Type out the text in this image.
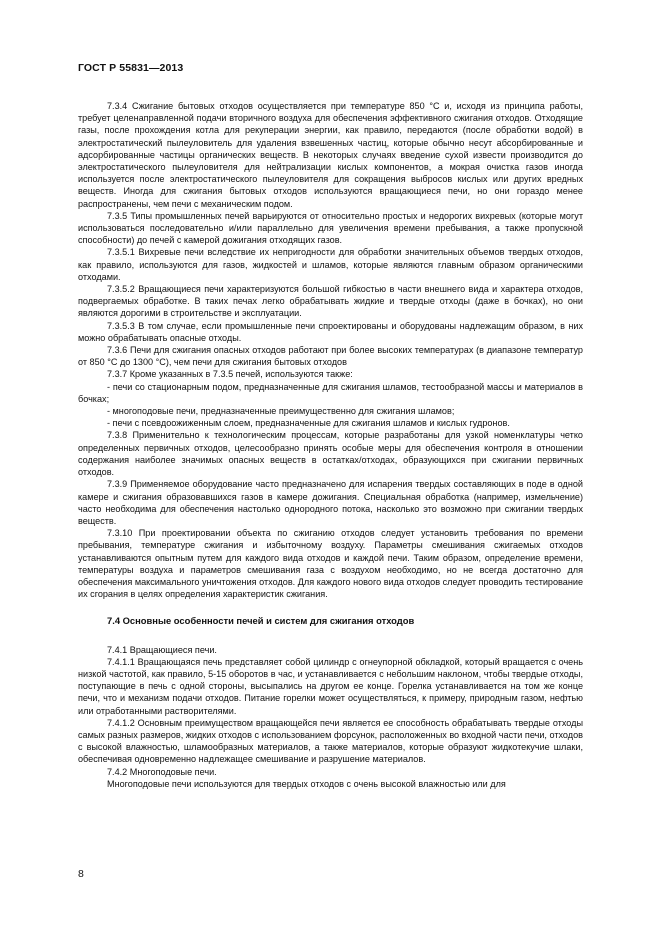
ГОСТ Р 55831—2013

7.3.4 Сжигание бытовых отходов осуществляется при температуре 850 °С и, исходя из принципа работы, требует целенаправленной подачи вторичного воздуха для обеспечения эффективного сжигания отходов. Отходящие газы, после прохождения котла для рекуперации энергии, как правило, передаются (после обработки водой) в электростатический пылеуловитель для удаления взвешенных частиц, которые обычно несут абсорбированные и адсорбированные частицы органических веществ. В некоторых случаях введение сухой извести производится до электростатического пылеуловителя для нейтрализации кислых компонентов, а мокрая очистка газов иногда используется после электростатического пылеуловителя для сокращения выбросов кислых или других вредных веществ. Иногда для сжигания бытовых отходов используются вращающиеся печи, но они гораздо менее распространены, чем печи с механическим подом.

7.3.5 Типы промышленных печей варьируются от относительно простых и недорогих вихревых (которые могут использоваться последовательно и/или параллельно для увеличения времени пребывания, а также пропускной способности) до печей с камерой дожигания отходящих газов.

7.3.5.1 Вихревые печи вследствие их непригодности для обработки значительных объемов твердых отходов, как правило, используются для газов, жидкостей и шламов, которые являются главным образом органическими отходами.

7.3.5.2 Вращающиеся печи характеризуются большой гибкостью в части внешнего вида и характера отходов, подвергаемых обработке. В таких печах легко обрабатывать жидкие и твердые отходы (даже в бочках), но они являются дорогими в строительстве и эксплуатации.

7.3.5.3 В том случае, если промышленные печи спроектированы и оборудованы надлежащим образом, в них можно обрабатывать опасные отходы.

7.3.6 Печи для сжигания опасных отходов работают при более высоких температурах (в диапазоне температур от 850 °С до 1300 °С), чем печи для сжигания бытовых отходов

7.3.7 Кроме указанных в 7.3.5 печей, используются также:

- печи со стационарным подом, предназначенные для сжигания шламов, тестообразной массы и материалов в бочках;

- многоподовые печи, предназначенные преимущественно для сжигания шламов;

- печи с псевдоожиженным слоем, предназначенные для сжигания шламов и кислых гудронов.

7.3.8 Применительно к технологическим процессам, которые разработаны для узкой номенклатуры четко определенных первичных отходов, целесообразно принять особые меры для обеспечения контроля в отношении содержания наиболее значимых опасных веществ в остатках/отходах, образующихся при сжигании первичных отходов.

7.3.9 Применяемое оборудование часто предназначено для испарения твердых составляющих в поде в одной камере и сжигания образовавшихся газов в камере дожигания. Специальная обработка (например, измельчение) часто необходима для обеспечения настолько однородного потока, насколько это возможно при сжигании твердых веществ.

7.3.10 При проектировании объекта по сжиганию отходов следует установить требования по времени пребывания, температуре сжигания и избыточному воздуху. Параметры смешивания сжигаемых отходов устанавливаются опытным путем для каждого вида отходов и каждой печи. Таким образом, определение времени, температуры воздуха и параметров смешивания газа с воздухом необходимо, но не всегда достаточно для обеспечения максимального уничтожения отходов. Для каждого нового вида отходов следует проводить тестирование их сгорания в целях определения характеристик сжигания.

7.4 Основные особенности печей и систем для сжигания отходов

7.4.1 Вращающиеся печи.

7.4.1.1 Вращающаяся печь представляет собой цилиндр с огнеупорной обкладкой, который вращается с очень низкой частотой, как правило, 5-15 оборотов в час, и устанавливается с небольшим наклоном, чтобы твердые отходы, поступающие в печь с одной стороны, высыпались на другом ее конце. Горелка устанавливается на том же конце печи, что и механизм подачи отходов. Питание горелки может осуществляться, к примеру, природным газом, нефтью или отработанными растворителями.

7.4.1.2 Основным преимуществом вращающейся печи является ее способность обрабатывать твердые отходы самых разных размеров, жидких отходов с использованием форсунок, расположенных во входной части печи, отходов с высокой влажностью, шламообразных материалов, а также материалов, которые образуют жидкотекучие шлаки, обеспечивая одновременно надлежащее смешивание и разрушение материалов.

7.4.2 Многоподовые печи.

Многоподовые печи используются для твердых отходов с очень высокой влажностью или для

8
